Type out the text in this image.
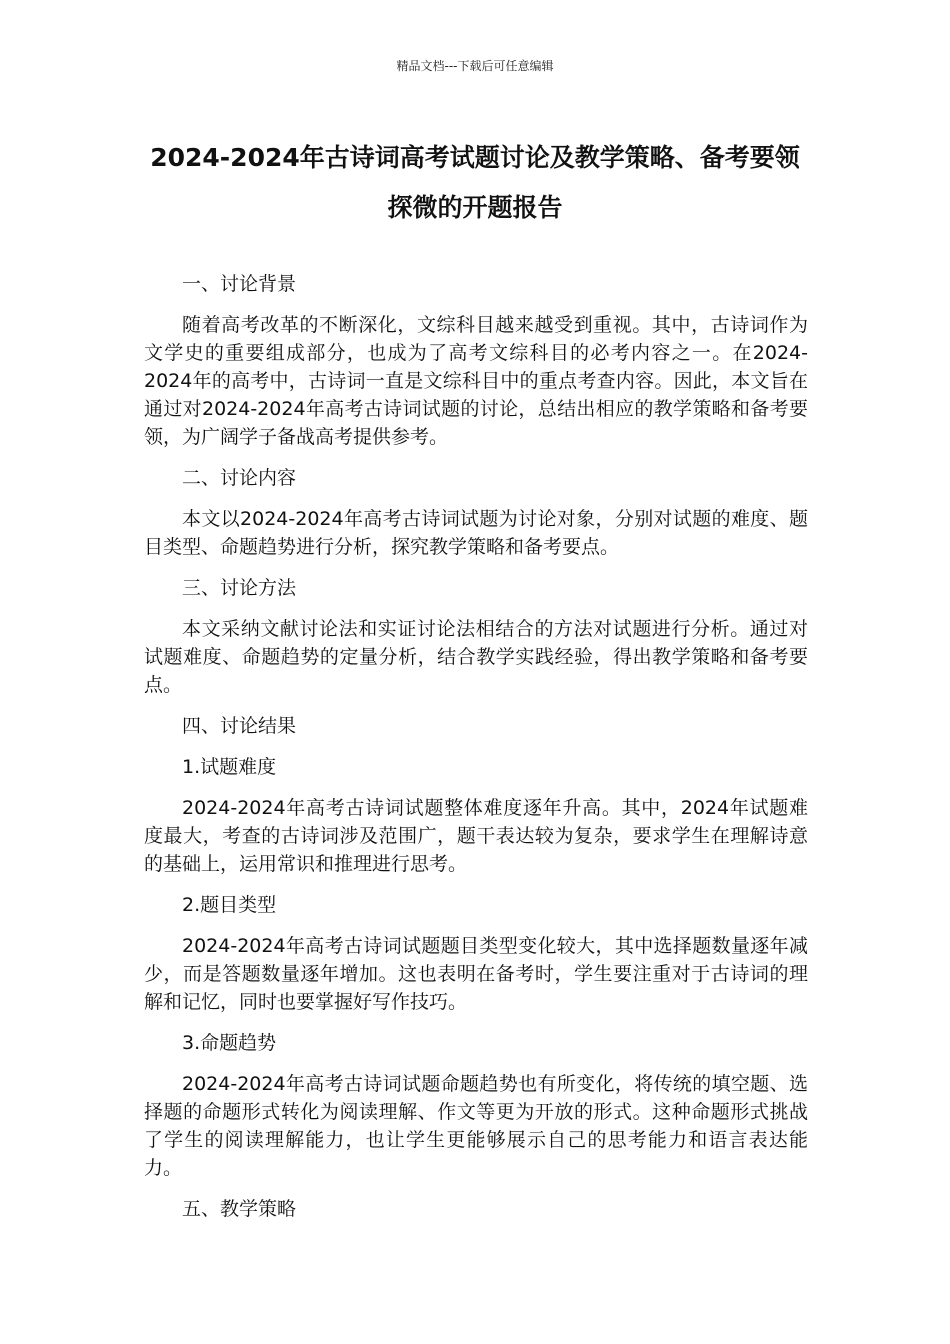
精品文档---下载后可任意编辑
2024-2024年古诗词高考试题讨论及教学策略、备考要领探微的开题报告

一、讨论背景

随着高考改革的不断深化，文综科目越来越受到重视。其中，古诗词作为文学史的重要组成部分，也成为了高考文综科目的必考内容之一。在2024-2024年的高考中，古诗词一直是文综科目中的重点考查内容。因此，本文旨在通过对2024-2024年高考古诗词试题的讨论，总结出相应的教学策略和备考要领，为广阔学子备战高考提供参考。

二、讨论内容

本文以2024-2024年高考古诗词试题为讨论对象，分别对试题的难度、题目类型、命题趋势进行分析，探究教学策略和备考要点。

三、讨论方法

本文采纳文献讨论法和实证讨论法相结合的方法对试题进行分析。通过对试题难度、命题趋势的定量分析，结合教学实践经验，得出教学策略和备考要点。

四、讨论结果

1.试题难度

2024-2024年高考古诗词试题整体难度逐年升高。其中，2024年试题难度最大，考查的古诗词涉及范围广，题干表达较为复杂，要求学生在理解诗意的基础上，运用常识和推理进行思考。

2.题目类型

2024-2024年高考古诗词试题题目类型变化较大，其中选择题数量逐年减少，而是答题数量逐年增加。这也表明在备考时，学生要注重对于古诗词的理解和记忆，同时也要掌握好写作技巧。

3.命题趋势

2024-2024年高考古诗词试题命题趋势也有所变化，将传统的填空题、选择题的命题形式转化为阅读理解、作文等更为开放的形式。这种命题形式挑战了学生的阅读理解能力，也让学生更能够展示自己的思考能力和语言表达能力。

五、教学策略
